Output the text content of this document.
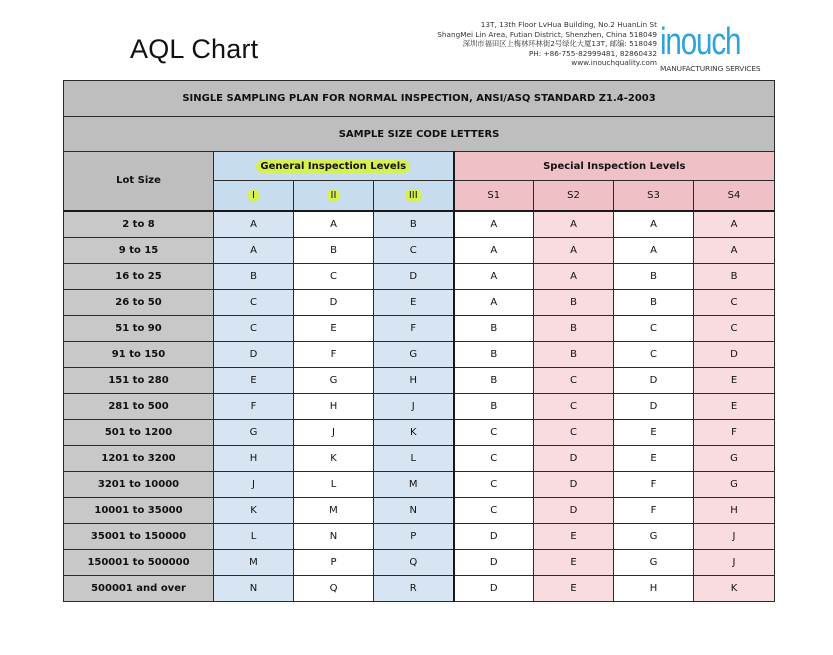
AQL Chart
13T, 13th Floor LvHua Building, No.2 HuanLin St
ShangMei Lin Area, Futian District, Shenzhen, China 518049
深圳市福田区上梅林环林街2号绿化大厦13T, 邮编: 518049
PH: +86-755-82999481, 82860432
www.inouchquality.com inouch
MANUFACTURING SERVICES
SINGLE SAMPLING PLAN FOR NORMAL INSPECTION, ANSI/ASQ STANDARD Z1.4-2003							
SAMPLE SIZE CODE LETTERS							
Lot Size	General Inspection Levels			Special Inspection Levels			
	I	II	III	S1	S2	S3	S4
2 to 8	A	A	B	A	A	A	A
9 to 15	A	B	C	A	A	A	A
16 to 25	B	C	D	A	A	B	B
26 to 50	C	D	E	A	B	B	C
51 to 90	C	E	F	B	B	C	C
91 to 150	D	F	G	B	B	C	D
151 to 280	E	G	H	B	C	D	E
281 to 500	F	H	J	B	C	D	E
501 to 1200	G	J	K	C	C	E	F
1201 to 3200	H	K	L	C	D	E	G
3201 to 10000	J	L	M	C	D	F	G
10001 to 35000	K	M	N	C	D	F	H
35001 to 150000	L	N	P	D	E	G	J
150001 to 500000	M	P	Q	D	E	G	J
500001 and over	N	Q	R	D	E	H	K
